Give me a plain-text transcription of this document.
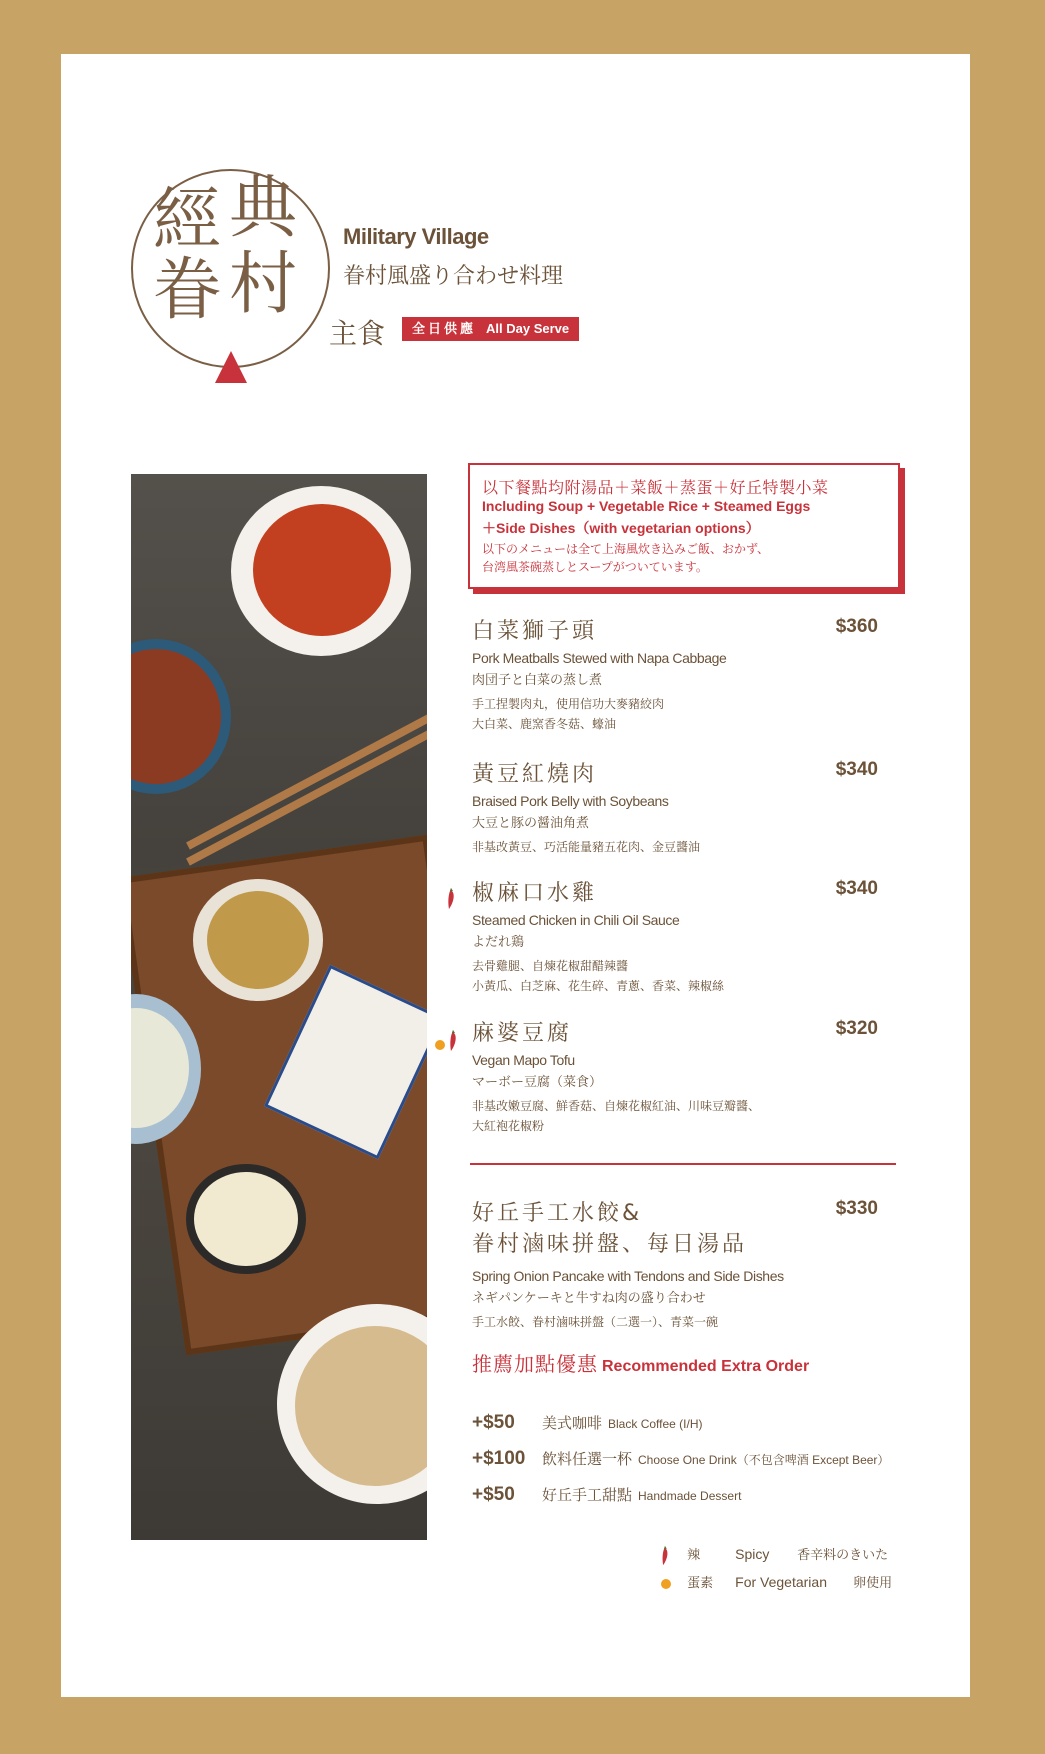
經 典
眷 村
Military Village
眷村風盛り合わせ料理
主食	全日供應 All Day Serve
以下餐點均附湯品＋菜飯＋蒸蛋＋好丘特製小菜
Including Soup + Vegetable Rice + Steamed Eggs
＋Side Dishes（with vegetarian options）
以下のメニューは全て上海風炊き込みご飯、おかず、
台湾風茶碗蒸しとスープがついています。
白菜獅子頭	$360
Pork Meatballs Stewed with Napa Cabbage
肉団子と白菜の蒸し煮
手工捏製肉丸，使用信功大麥豬絞肉
大白菜、鹿窯香冬菇、蠔油
黃豆紅燒肉	$340
Braised Pork Belly with Soybeans
大豆と豚の醤油角煮
非基改黃豆、巧活能量豬五花肉、金豆醬油
椒麻口水雞	$340
Steamed Chicken in Chili Oil Sauce
よだれ鶏
去骨雞腿、自煉花椒甜醋辣醬
小黃瓜、白芝麻、花生碎、青蔥、香菜、辣椒絲
麻婆豆腐	$320
Vegan Mapo Tofu
マーボー豆腐（菜食）
非基改嫩豆腐、鮮香菇、自煉花椒紅油、川味豆瓣醬、
大紅袍花椒粉
好丘手工水餃&
眷村滷味拼盤、每日湯品
$330
Spring Onion Pancake with Tendons and Side Dishes
ネギパンケーキと牛すね肉の盛り合わせ
手工水餃、眷村滷味拼盤（二選一）、青菜一碗
推薦加點優惠 Recommended Extra Order
+$50 美式咖啡 Black Coffee (I/H)
+$100 飲料任選一杯 Choose One Drink（不包含啤酒 Except Beer）
+$50 好丘手工甜點 Handmade Dessert
辣 Spicy 香辛料のきいた
蛋素 For Vegetarian 卵使用
